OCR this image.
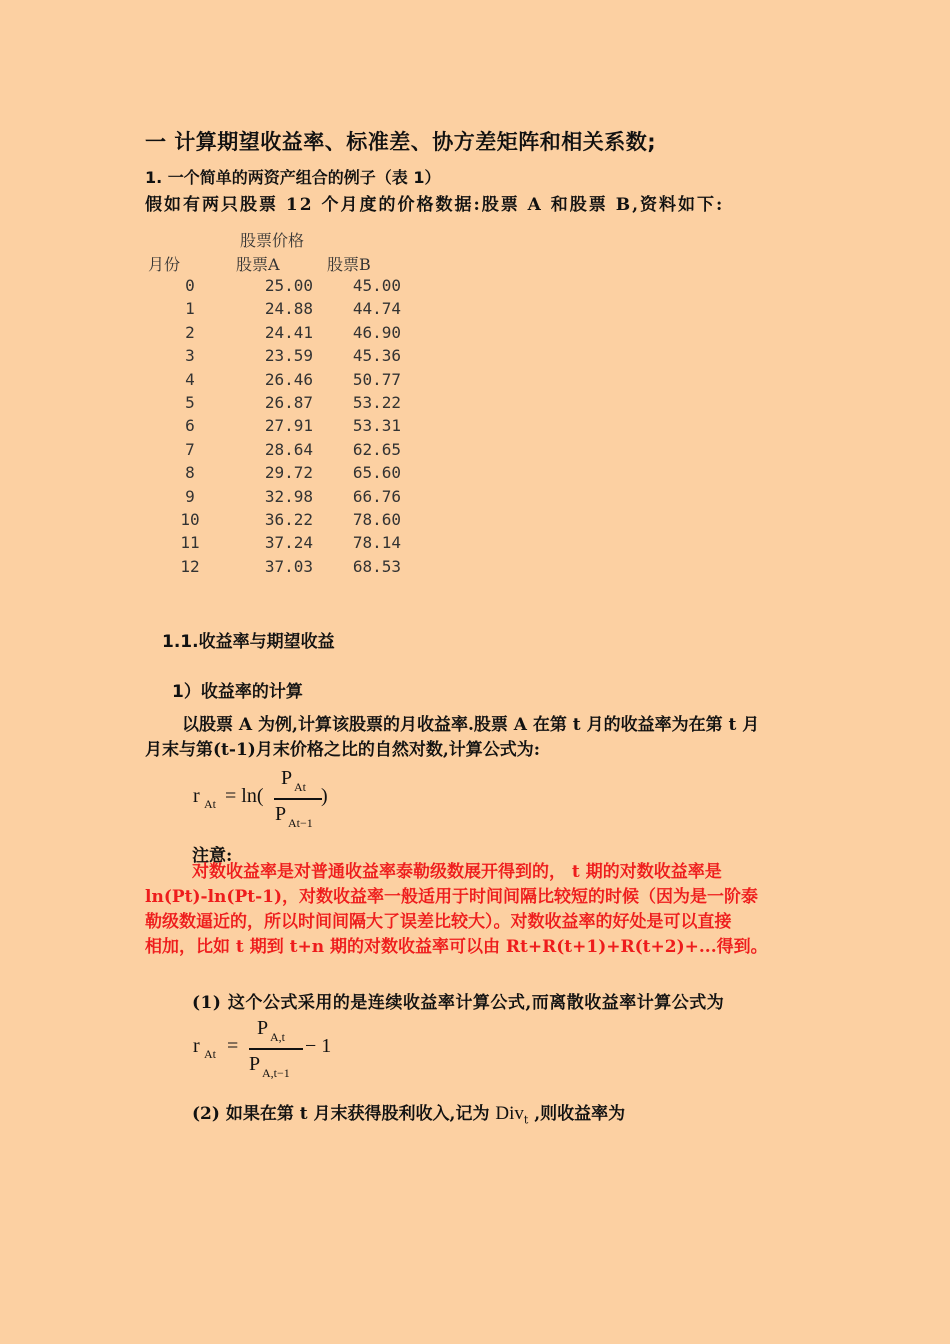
一 计算期望收益率、标准差、协方差矩阵和相关系数;
1. 一个简单的两资产组合的例子（表 1）
假如有两只股票 12 个月度的价格数据:股票 A 和股票 B,资料如下:
股票价格
月份	股票A	股票B
0	25.00	45.00
1	24.88	44.74
2	24.41	46.90
3	23.59	45.36
4	26.46	50.77
5	26.87	53.22
6	27.91	53.31
7	28.64	62.65
8	29.72	65.60
9	32.98	66.76
10	36.22	78.60
11	37.24	78.14
12	37.03	68.53
1.1.收益率与期望收益
1）收益率的计算
以股票 A 为例,计算该股票的月收益率.股票 A 在第 t 月的收益率为在第 t 月
月末与第(t-1)月末价格之比的自然对数,计算公式为:
r At = ln(
P At
P At−1
)
注意:
对数收益率是对普通收益率泰勒级数展开得到的， t 期的对数收益率是
ln(Pt)-ln(Pt-1)，对数收益率一般适用于时间间隔比较短的时候（因为是一阶泰
勒级数逼近的，所以时间间隔大了误差比较大）。对数收益率的好处是可以直接
相加，比如 t 期到 t+n 期的对数收益率可以由 Rt+R(t+1)+R(t+2)+...得到。
(1) 这个公式采用的是连续收益率计算公式,而离散收益率计算公式为
r At =
P A,t
P A,t−1
− 1
(2) 如果在第 t 月末获得股利收入,记为 Div$_t$ ,则收益率为
